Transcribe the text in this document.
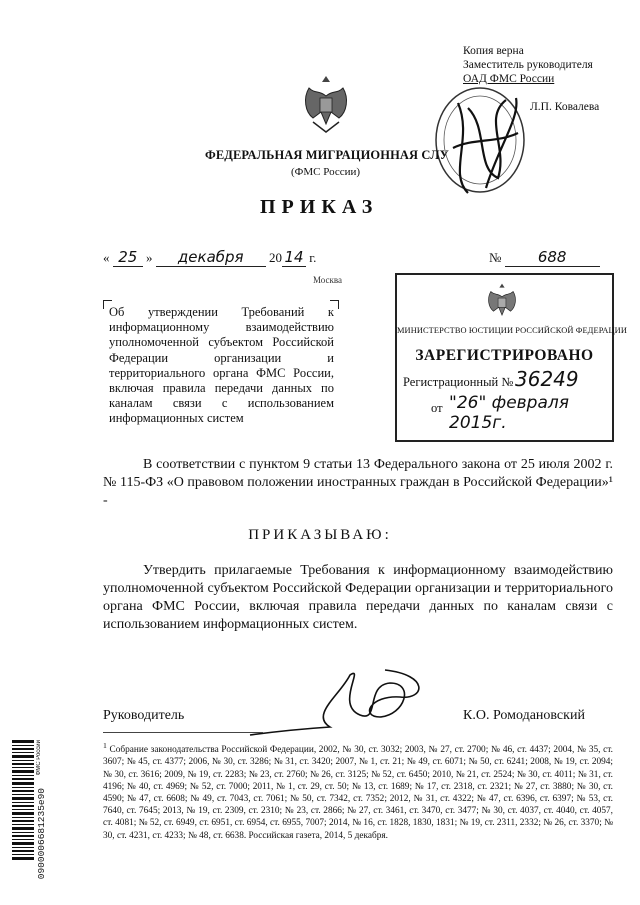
Копия верна
Заместитель руководителя
ОАД ФМС России
Л.П. Ковалева
ФЕДЕРАЛЬНАЯ МИГРАЦИОННАЯ СЛУ
(ФМС России)
ПРИКАЗ
« 25 » декабря 20 14 г.	№ 688
Москва
Об утверждении Требований к информационному взаимодействию уполномоченной субъектом Российской Федерации организации и территориального органа ФМС России, включая правила передачи данных по каналам связи с использованием информационных систем
МИНИСТЕРСТВО ЮСТИЦИИ РОССИЙСКОЙ ФЕДЕРАЦИИ
ЗАРЕГИСТРИРОВАНО
Регистрационный № 36249
от "26" февраля 2015г.
В соответствии с пунктом 9 статьи 13 Федерального закона от 25 июля 2002 г. № 115-ФЗ «О правовом положении иностранных граждан в Российской Федерации»¹ -
ПРИКАЗЫВАЮ:
Утвердить прилагаемые Требования к информационному взаимодействию уполномоченной субъектом Российской Федерации организации и территориального органа ФМС России, включая правила передачи данных по каналам связи с использованием информационных систем.
Руководитель	К.О. Ромодановский
$^1$ Собрание законодательства Российской Федерации, 2002, № 30, ст. 3032; 2003, № 27, ст. 2700; № 46, ст. 4437; 2004, № 35, ст. 3607; № 45, ст. 4377; 2006, № 30, ст. 3286; № 31, ст. 3420; 2007, № 1, ст. 21; № 49, ст. 6071; № 50, ст. 6241; 2008, № 19, ст. 2094; № 30, ст. 3616; 2009, № 19, ст. 2283; № 23, ст. 2760; № 26, ст. 3125; № 52, ст. 6450; 2010, № 21, ст. 2524; № 30, ст. 4011; № 31, ст. 4196; № 40, ст. 4969; № 52, ст. 7000; 2011, № 1, ст. 29, ст. 50; № 13, ст. 1689; № 17, ст. 2318, ст. 2321; № 27, ст. 3880; № 30, ст. 4590; № 47, ст. 6608; № 49, ст. 7043, ст. 7061; № 50, ст. 7342, ст. 7352; 2012, № 31, ст. 4322; № 47, ст. 6396, ст. 6397; № 53, ст. 7640, ст. 7645; 2013, № 19, ст. 2309, ст. 2310; № 23, ст. 2866; № 27, ст. 3461, ст. 3470, ст. 3477; № 30, ст. 4037, ст. 4040, ст. 4057, ст. 4081; № 52, ст. 6949, ст. 6951, ст. 6954, ст. 6955, 7007; 2014, № 16, ст. 1828, 1830, 1831; № 19, ст. 2311, 2332; № 26, ст. 3370; № 30, ст. 4231, ст. 4233; № 48, ст. 6638. Российская газета, 2014, 5 декабря.
ФМС России
0900006681235e90
